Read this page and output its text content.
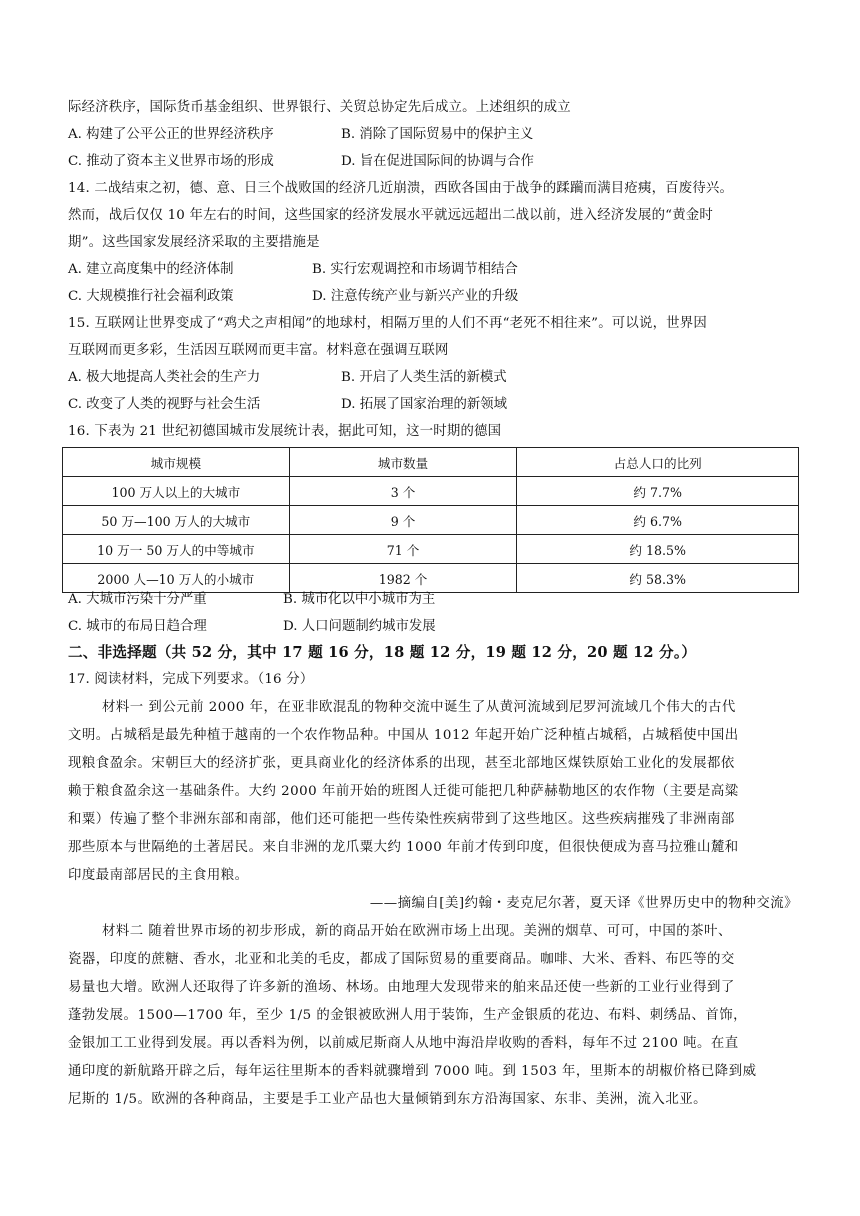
际经济秩序，国际货币基金组织、世界银行、关贸总协定先后成立。上述组织的成立
A. 构建了公平公正的世界经济秩序	B. 消除了国际贸易中的保护主义
C. 推动了资本主义世界市场的形成	D. 旨在促进国际间的协调与合作
14. 二战结束之初，德、意、日三个战败国的经济几近崩溃，西欧各国由于战争的蹂躏而满目疮痍，百废待兴。
然而，战后仅仅 10 年左右的时间，这些国家的经济发展水平就远远超出二战以前，进入经济发展的“黄金时
期”。这些国家发展经济采取的主要措施是
A. 建立高度集中的经济体制	B. 实行宏观调控和市场调节相结合
C. 大规模推行社会福利政策	D. 注意传统产业与新兴产业的升级
15. 互联网让世界变成了“鸡犬之声相闻”的地球村，相隔万里的人们不再“老死不相往来”。可以说，世界因
互联网而更多彩，生活因互联网而更丰富。材料意在强调互联网
A. 极大地提高人类社会的生产力	B. 开启了人类生活的新模式
C. 改变了人类的视野与社会生活	D. 拓展了国家治理的新领域
16. 下表为 21 世纪初德国城市发展统计表，据此可知，这一时期的德国
城市规模	城市数量	占总人口的比列
100 万人以上的大城市	3 个	约 7.7%
50 万—100 万人的大城市	9 个	约 6.7%
10 万一 50 万人的中等城市	71 个	约 18.5%
2000 人—10 万人的小城市	1982 个	约 58.3%
A. 大城市污染十分严重	B. 城市化以中小城市为主
C. 城市的布局日趋合理	D. 人口问题制约城市发展
二、非选择题（共 52 分，其中 17 题 16 分，18 题 12 分，19 题 12 分，20 题 12 分。）
17. 阅读材料，完成下列要求。（16 分）
材料一 到公元前 2000 年，在亚非欧混乱的物种交流中诞生了从黄河流域到尼罗河流域几个伟大的古代
文明。占城稻是最先种植于越南的一个农作物品种。中国从 1012 年起开始广泛种植占城稻，占城稻使中国出
现粮食盈余。宋朝巨大的经济扩张，更具商业化的经济体系的出现，甚至北部地区煤铁原始工业化的发展都依
赖于粮食盈余这一基础条件。大约 2000 年前开始的班图人迁徙可能把几种萨赫勒地区的农作物（主要是高粱
和粟）传遍了整个非洲东部和南部，他们还可能把一些传染性疾病带到了这些地区。这些疾病摧残了非洲南部
那些原本与世隔绝的土著居民。来自非洲的龙爪粟大约 1000 年前才传到印度，但很快便成为喜马拉雅山麓和
印度最南部居民的主食用粮。
——摘编自[美]约翰・麦克尼尔著，夏天译《世界历史中的物种交流》
材料二 随着世界市场的初步形成，新的商品开始在欧洲市场上出现。美洲的烟草、可可，中国的茶叶、
瓷器，印度的蔗糖、香水，北亚和北美的毛皮，都成了国际贸易的重要商品。咖啡、大米、香料、布匹等的交
易量也大增。欧洲人还取得了许多新的渔场、林场。由地理大发现带来的舶来品还使一些新的工业行业得到了
蓬勃发展。1500—1700 年，至少 1/5 的金银被欧洲人用于装饰，生产金银质的花边、布料、刺绣品、首饰，
金银加工工业得到发展。再以香料为例，以前威尼斯商人从地中海沿岸收购的香料，每年不过 2100 吨。在直
通印度的新航路开辟之后，每年运往里斯本的香料就骤增到 7000 吨。到 1503 年，里斯本的胡椒价格已降到威
尼斯的 1/5。欧洲的各种商品，主要是手工业产品也大量倾销到东方沿海国家、东非、美洲，流入北亚。
